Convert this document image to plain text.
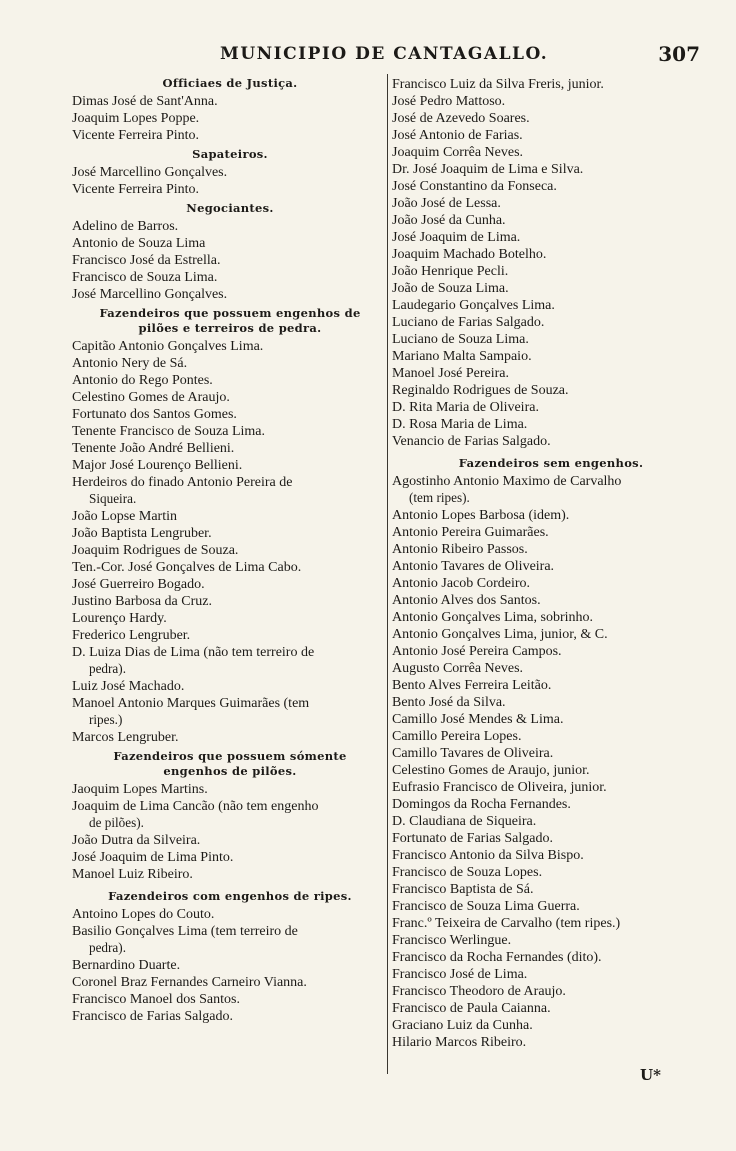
MUNICIPIO DE CANTAGALLO.	307
Officiaes de Justiça.
Dimas José de Sant'Anna.
Joaquim Lopes Poppe.
Vicente Ferreira Pinto.
Sapateiros.
José Marcellino Gonçalves.
Vicente Ferreira Pinto.
Negociantes.
Adelino de Barros.
Antonio de Souza Lima
Francisco José da Estrella.
Francisco de Souza Lima.
José Marcellino Gonçalves.
Fazendeiros que possuem engenhos de
pilões e terreiros de pedra.
Capitão Antonio Gonçalves Lima.
Antonio Nery de Sá.
Antonio do Rego Pontes.
Celestino Gomes de Araujo.
Fortunato dos Santos Gomes.
Tenente Francisco de Souza Lima.
Tenente João André Bellieni.
Major José Lourenço Bellieni.
Herdeiros do finado Antonio Pereira de
Siqueira.
João Lopse Martin
João Baptista Lengruber.
Joaquim Rodrigues de Souza.
Ten.-Cor. José Gonçalves de Lima Cabo.
José Guerreiro Bogado.
Justino Barbosa da Cruz.
Lourenço Hardy.
Frederico Lengruber.
D. Luiza Dias de Lima (não tem terreiro de
pedra).
Luiz José Machado.
Manoel Antonio Marques Guimarães (tem
ripes.)
Marcos Lengruber.
Fazendeiros que possuem sómente
engenhos de pilões.
Jaoquim Lopes Martins.
Joaquim de Lima Cancão (não tem engenho
de pilões).
João Dutra da Silveira.
José Joaquim de Lima Pinto.
Manoel Luiz Ribeiro.
Fazendeiros com engenhos de ripes.
Antoino Lopes do Couto.
Basilio Gonçalves Lima (tem terreiro de
pedra).
Bernardino Duarte.
Coronel Braz Fernandes Carneiro Vianna.
Francisco Manoel dos Santos.
Francisco de Farias Salgado.
Francisco Luiz da Silva Freris, junior.
José Pedro Mattoso.
José de Azevedo Soares.
José Antonio de Farias.
Joaquim Corrêa Neves.
Dr. José Joaquim de Lima e Silva.
José Constantino da Fonseca.
João José de Lessa.
João José da Cunha.
José Joaquim de Lima.
Joaquim Machado Botelho.
João Henrique Pecli.
João de Souza Lima.
Laudegario Gonçalves Lima.
Luciano de Farias Salgado.
Luciano de Souza Lima.
Mariano Malta Sampaio.
Manoel José Pereira.
Reginaldo Rodrigues de Souza.
D. Rita Maria de Oliveira.
D. Rosa Maria de Lima.
Venancio de Farias Salgado.
Fazendeiros sem engenhos.
Agostinho Antonio Maximo de Carvalho
(tem ripes).
Antonio Lopes Barbosa (idem).
Antonio Pereira Guimarães.
Antonio Ribeiro Passos.
Antonio Tavares de Oliveira.
Antonio Jacob Cordeiro.
Antonio Alves dos Santos.
Antonio Gonçalves Lima, sobrinho.
Antonio Gonçalves Lima, junior, & C.
Antonio José Pereira Campos.
Augusto Corrêa Neves.
Bento Alves Ferreira Leitão.
Bento José da Silva.
Camillo José Mendes & Lima.
Camillo Pereira Lopes.
Camillo Tavares de Oliveira.
Celestino Gomes de Araujo, junior.
Eufrasio Francisco de Oliveira, junior.
Domingos da Rocha Fernandes.
D. Claudiana de Siqueira.
Fortunato de Farias Salgado.
Francisco Antonio da Silva Bispo.
Francisco de Souza Lopes.
Francisco Baptista de Sá.
Francisco de Souza Lima Guerra.
Franc.º Teixeira de Carvalho (tem ripes.)
Francisco Werlingue.
Francisco da Rocha Fernandes (dito).
Francisco José de Lima.
Francisco Theodoro de Araujo.
Francisco de Paula Caianna.
Graciano Luiz da Cunha.
Hilario Marcos Ribeiro.
U*
